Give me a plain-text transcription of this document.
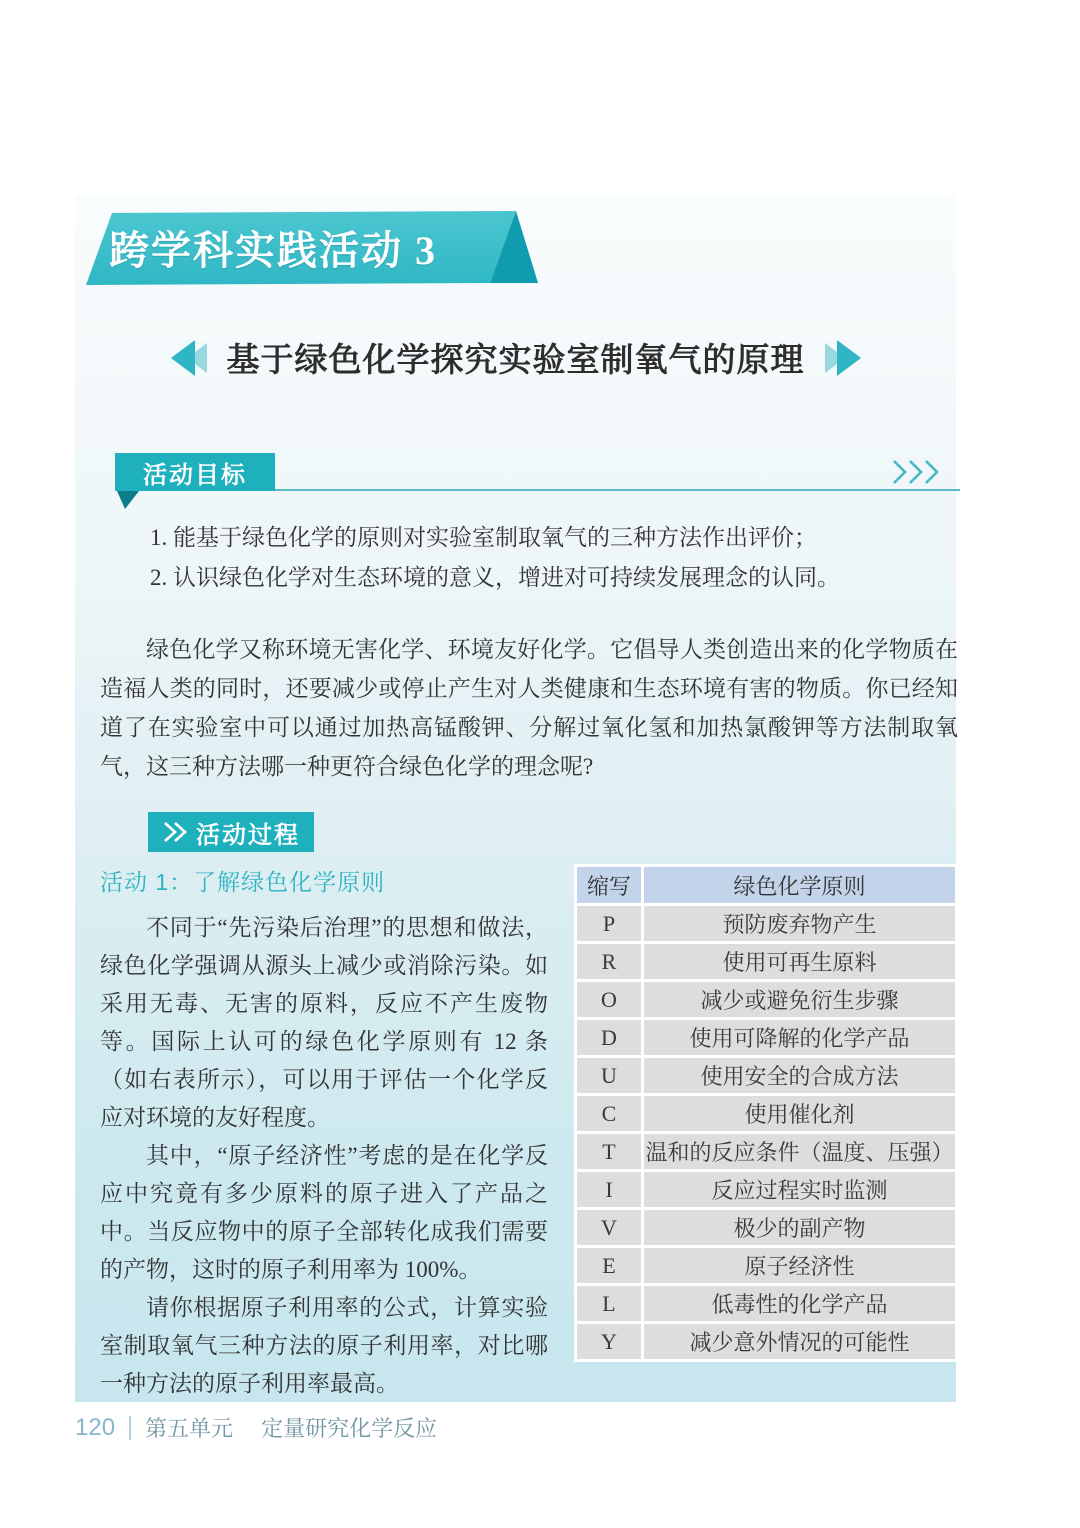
跨学科实践活动 3
基于绿色化学探究实验室制氧气的原理
活动目标
1. 能基于绿色化学的原则对实验室制取氧气的三种方法作出评价；
2. 认识绿色化学对生态环境的意义，增进对可持续发展理念的认同。
绿色化学又称环境无害化学、环境友好化学。它倡导人类创造出来的化学物质在造福人类的同时，还要减少或停止产生对人类健康和生态环境有害的物质。你已经知道了在实验室中可以通过加热高锰酸钾、分解过氧化氢和加热氯酸钾等方法制取氧气，这三种方法哪一种更符合绿色化学的理念呢?
活动过程
缩写	绿色化学原则
P	预防废弃物产生
R	使用可再生原料
O	减少或避免衍生步骤
D	使用可降解的化学产品
U	使用安全的合成方法
C	使用催化剂
T	温和的反应条件（温度、压强）
I	反应过程实时监测
V	极少的副产物
E	原子经济性
L	低毒性的化学产品
Y	减少意外情况的可能性
活动 1：了解绿色化学原则

不同于“先污染后治理”的思想和做法，绿色化学强调从源头上减少或消除污染。如采用无毒、无害的原料，反应不产生废物等。国际上认可的绿色化学原则有 12 条（如右表所示），可以用于评估一个化学反应对环境的友好程度。

其中，“原子经济性”考虑的是在化学反应中究竟有多少原料的原子进入了产品之中。当反应物中的原子全部转化成我们需要的产物，这时的原子利用率为 100%。

请你根据原子利用率的公式，计算实验室制取氧气三种方法的原子利用率，对比哪一种方法的原子利用率最高。

120 第五单元 定量研究化学反应
